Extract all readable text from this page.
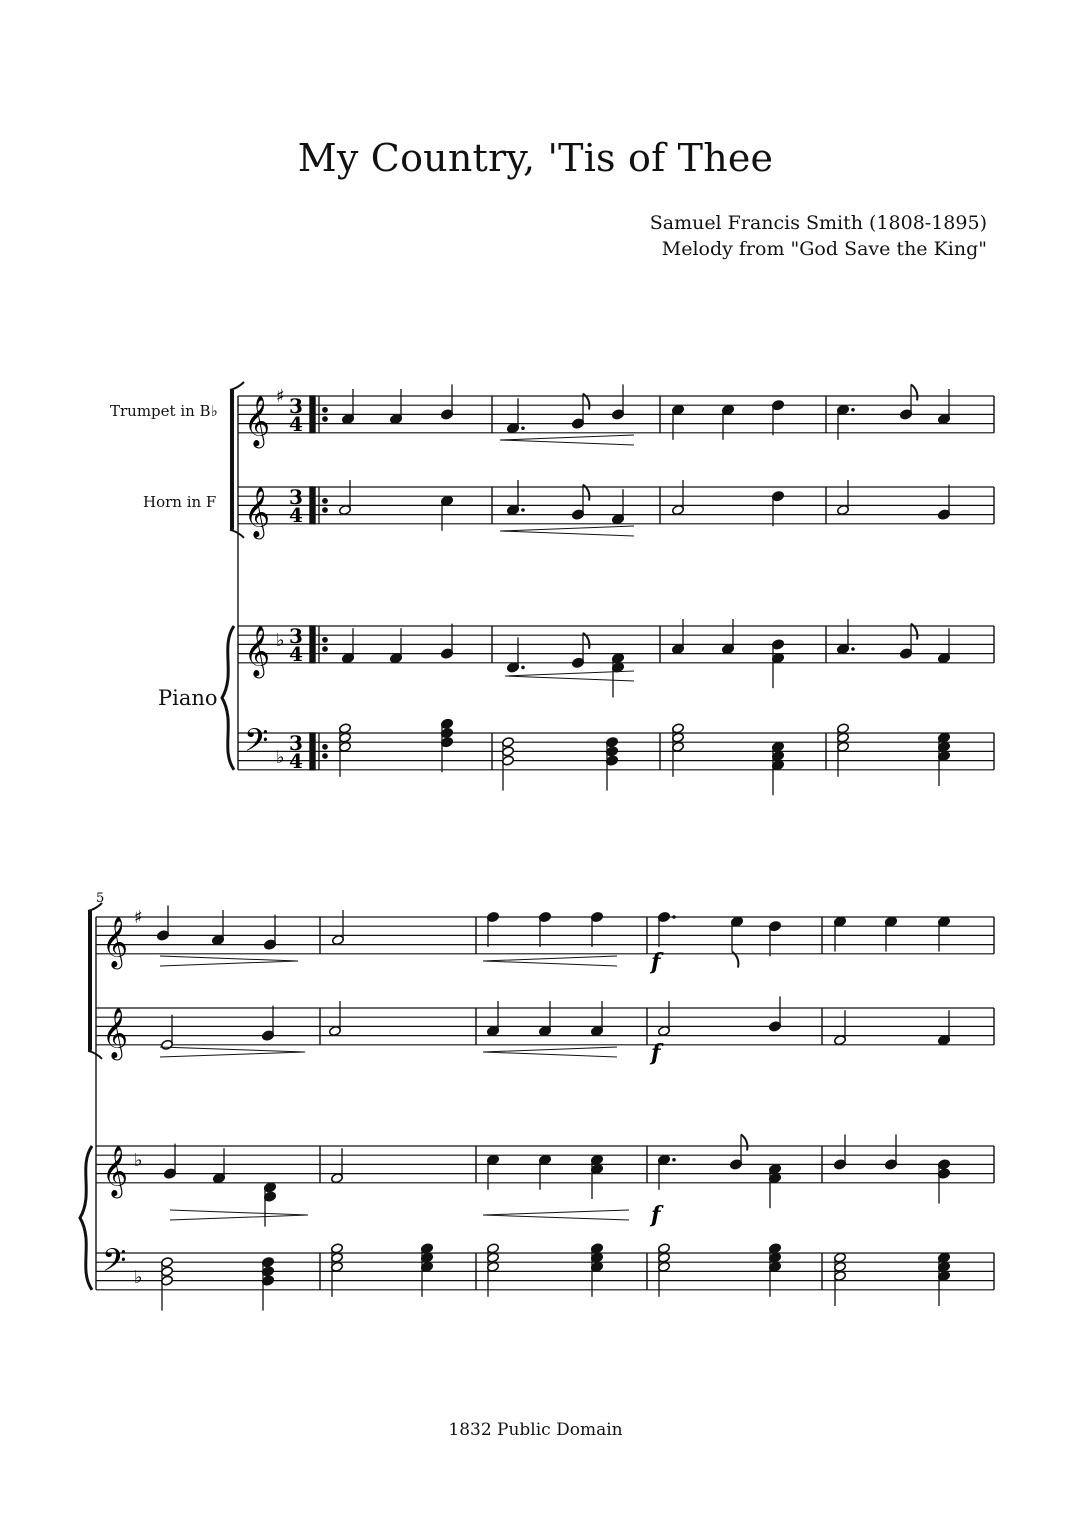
My Country, 'Tis of Thee
Samuel Francis Smith (1808-1895)
Melody from "God Save the King"
Trumpet in B♭
Horn in F
Piano
1832 Public Domain
𝄞 ♯
𝄞
𝄞 ♭
𝄢 ♭
𝄞 ♯
𝄞
𝄞 ♭
𝄢 ♭
3
4
3
4
3
4
3
4
f
f
f
5
